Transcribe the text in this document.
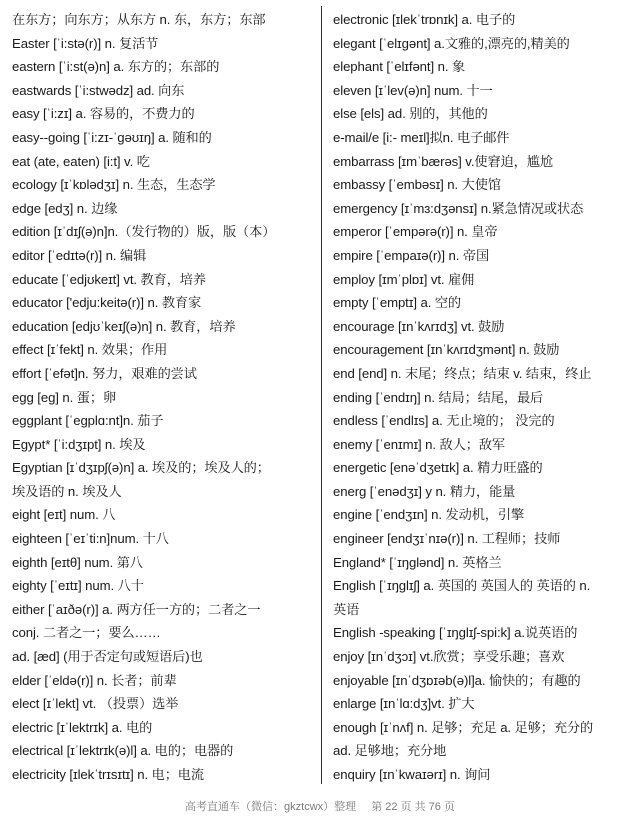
在东方；向东方；从东方 n. 东，东方；东部
Easter [ˈi:stə(r)] n. 复活节
eastern [ˈi:st(ə)n] a. 东方的；东部的
eastwards [ˈi:stwədz] ad. 向东
easy [ˈi:zɪ] a. 容易的，不费力的
easy--going [ˈi:zɪ-ˈgəʊɪŋ] a. 随和的
eat (ate, eaten) [i:t] v. 吃
ecology [ɪˈkɒlədʒɪ] n. 生态，生态学
edge [edʒ] n. 边缘
edition [ɪˈdɪʃ(ə)n]n.（发行物的）版，版（本）
editor [ˈedɪtə(r)] n. 编辑
educate [ˈedjʊkeɪt] vt. 教育，培养
educator ['edju:keitə(r)] n. 教育家
education [edjʊˈkeɪʃ(ə)n] n. 教育，培养
effect [ɪˈfekt] n. 效果；作用
effort [ˈefət]n. 努力，艰难的尝试
egg [eg] n. 蛋；卵
eggplant [ˈegplɑ:nt]n. 茄子
Egypt* [ˈi:dʒɪpt] n. 埃及
Egyptian [ɪˈdʒɪpʃ(ə)n] a. 埃及的；埃及人的；
埃及语的 n. 埃及人
eight [eɪt] num. 八
eighteen [ˈeɪˈti:n]num. 十八
eighth [eɪtθ] num. 第八
eighty [ˈeɪtɪ] num. 八十
either [ˈaɪðə(r)] a. 两方任一方的；二者之一
conj. 二者之一；要么……
ad. [æd] (用于否定句或短语后)也
elder [ˈeldə(r)] n. 长者；前辈
elect [ɪˈlekt] vt. （投票）选举
electric [ɪˈlektrɪk] a. 电的
electrical [ɪˈlektrɪk(ə)l] a. 电的；电器的
electricity [ɪlekˈtrɪsɪtɪ] n. 电；电流
electronic [ɪlekˈtrɒnɪk] a. 电子的
elegant [ˈelɪgənt] a.文雅的,漂亮的,精美的
elephant [ˈelɪfənt] n. 象
eleven [ɪˈlev(ə)n] num. 十一
else [els] ad. 别的，其他的
e-mail/e [i:- meɪl]拟n. 电子邮件
embarrass [ɪmˈbærəs] v.使窘迫，尴尬
embassy [ˈembəsɪ] n. 大使馆
emergency [ɪˈmɜ:dʒənsɪ] n.紧急情况或状态
emperor [ˈempərə(r)] n. 皇帝
empire [ˈempaɪə(r)] n. 帝国
employ [ɪmˈplɒɪ] vt. 雇佣
empty [ˈemptɪ] a. 空的
encourage [ɪnˈkʌrɪdʒ] vt. 鼓励
encouragement [ɪnˈkʌrɪdʒmənt] n. 鼓励
end [end] n. 末尾；终点；结束 v. 结束，终止
ending [ˈendɪŋ] n. 结局；结尾，最后
endless [ˈendlɪs] a. 无止境的； 没完的
enemy [ˈenɪmɪ] n. 敌人；敌军
energetic [enəˈdʒetɪk] a. 精力旺盛的
energ [ˈenədʒɪ] y n. 精力，能量
engine [ˈendʒɪn] n. 发动机，引擎
engineer [endʒɪˈnɪə(r)] n. 工程师；技师
England* [ˈɪŋglənd] n. 英格兰
English [ˈɪŋglɪʃ] a. 英国的 英国人的 英语的 n.
英语
English -speaking [ˈɪŋglɪʃ-spi:k] a.说英语的
enjoy [ɪnˈdʒɔɪ] vt.欣赏；享受乐趣；喜欢
enjoyable [ɪnˈdʒɒɪəb(ə)l]a. 愉快的；有趣的
enlarge [ɪnˈlɑ:dʒ]vt. 扩大
enough [ɪˈnʌf] n. 足够；充足 a. 足够；充分的
ad. 足够地；充分地
enquiry [ɪnˈkwaɪərɪ] n. 询问
高考直通车（微信：gkztcwx）整理 第 22 页 共 76 页
